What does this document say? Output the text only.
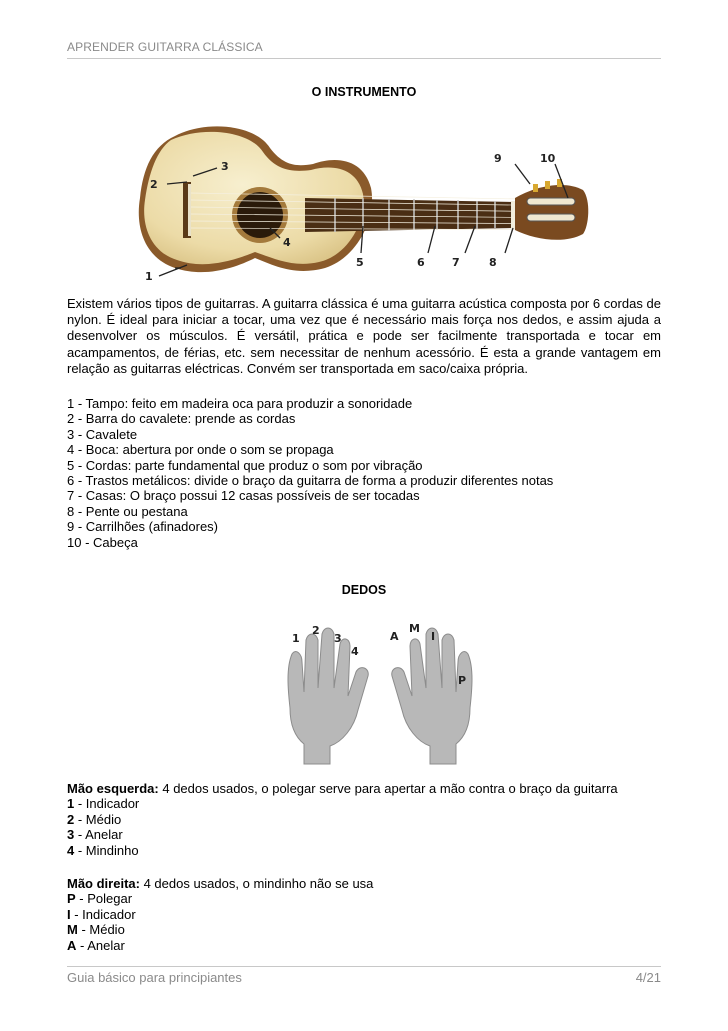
APRENDER GUITARRA CLÁSSICA
O INSTRUMENTO
1
2
3
4
5	6 7	8
9	10
Existem vários tipos de guitarras. A guitarra clássica é uma guitarra acústica composta por 6 cordas de nylon. É ideal para iniciar a tocar, uma vez que é necessário mais força nos dedos, e assim ajuda a desenvolver os músculos. É versátil, prática e pode ser facilmente transportada e tocar em acampamentos, de férias, etc. sem necessitar de nenhum acessório. É esta a grande vantagem em relação as guitarras eléctricas. Convém ser transportada em saco/caixa própria.
1 - Tampo: feito em madeira oca para produzir a sonoridade
2 - Barra do cavalete: prende as cordas
3 - Cavalete
4 - Boca: abertura por onde o som se propaga
5 - Cordas: parte fundamental que produz o som por vibração
6 - Trastos metálicos: divide o braço da guitarra de forma a produzir diferentes notas
7 - Casas: O braço possui 12 casas possíveis de ser tocadas
8 - Pente ou pestana
9 - Carrilhões (afinadores)
10 - Cabeça
DEDOS
1
2
3
4
A
M
I
P
Mão esquerda: 4 dedos usados, o polegar serve para apertar a mão contra o braço da guitarra
1 - Indicador
2 - Médio
3 - Anelar
4 - Mindinho
Mão direita: 4 dedos usados, o mindinho não se usa
P - Polegar
I - Indicador
M - Médio
A - Anelar
Guia básico para principiantes	4/21
